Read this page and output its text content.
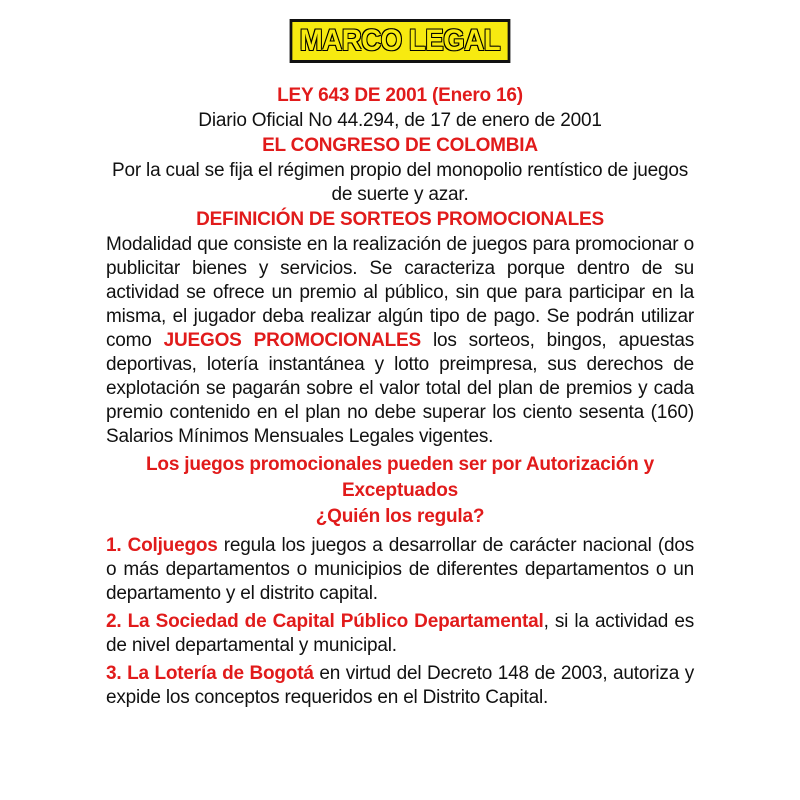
MARCO LEGAL

LEY 643 DE 2001 (Enero 16)

Diario Oficial No 44.294, de 17 de enero de 2001

EL CONGRESO DE COLOMBIA

Por la cual se fija el régimen propio del monopolio rentístico de juegos de suerte y azar.

DEFINICIÓN DE SORTEOS PROMOCIONALES

Modalidad que consiste en la realización de juegos para promocionar o publicitar bienes y servicios. Se caracteriza porque dentro de su actividad se ofrece un premio al público, sin que para participar en la misma, el jugador deba realizar algún tipo de pago. Se podrán utilizar como JUEGOS PROMOCIONALES los sorteos, bingos, apuestas deportivas, lotería instantánea y lotto preimpresa, sus derechos de explotación se pagarán sobre el valor total del plan de premios y cada premio contenido en el plan no debe superar los ciento sesenta (160) Salarios Mínimos Mensuales Legales vigentes.

Los juegos promocionales pueden ser por Autorización y Exceptuados

¿Quién los regula?

1. Coljuegos regula los juegos a desarrollar de carácter nacional (dos o más departamentos o municipios de diferentes departamentos o un departamento y el distrito capital.

2. La Sociedad de Capital Público Departamental, si la actividad es de nivel departamental y municipal.

3. La Lotería de Bogotá en virtud del Decreto 148 de 2003, autoriza y expide los conceptos requeridos en el Distrito Capital.
